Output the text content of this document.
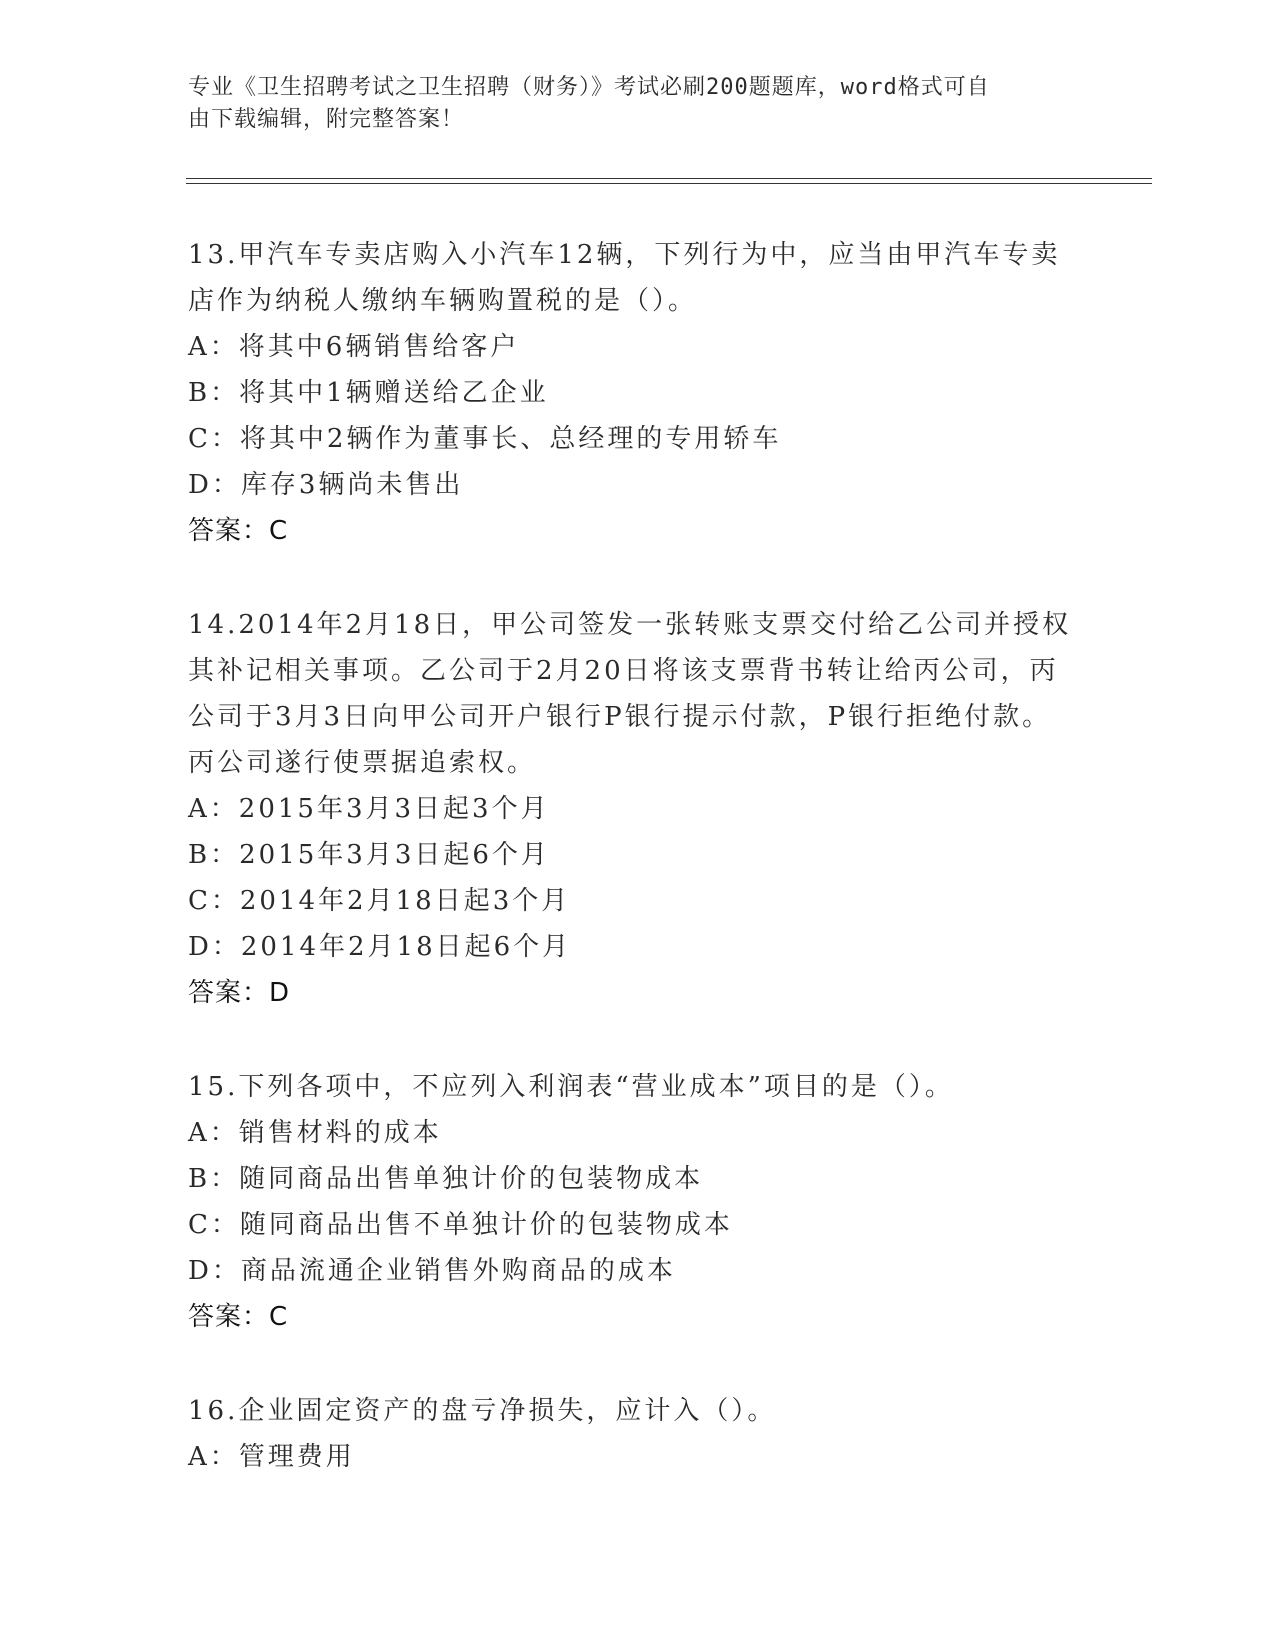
专业《卫生招聘考试之卫生招聘（财务）》考试必刷200题题库，word格式可自
由下载编辑，附完整答案！

13.甲汽车专卖店购入小汽车12辆，下列行为中，应当由甲汽车专卖

店作为纳税人缴纳车辆购置税的是（）。

A：将其中6辆销售给客户

B：将其中1辆赠送给乙企业

C：将其中2辆作为董事长、总经理的专用轿车

D：库存3辆尚未售出

答案：C

14.2014年2月18日，甲公司签发一张转账支票交付给乙公司并授权

其补记相关事项。乙公司于2月20日将该支票背书转让给丙公司，丙

公司于3月3日向甲公司开户银行P银行提示付款，P银行拒绝付款。

丙公司遂行使票据追索权。

A：2015年3月3日起3个月

B：2015年3月3日起6个月

C：2014年2月18日起3个月

D：2014年2月18日起6个月

答案：D

15.下列各项中，不应列入利润表“营业成本”项目的是（）。

A：销售材料的成本

B：随同商品出售单独计价的包装物成本

C：随同商品出售不单独计价的包装物成本

D：商品流通企业销售外购商品的成本

答案：C

16.企业固定资产的盘亏净损失，应计入（）。

A：管理费用
